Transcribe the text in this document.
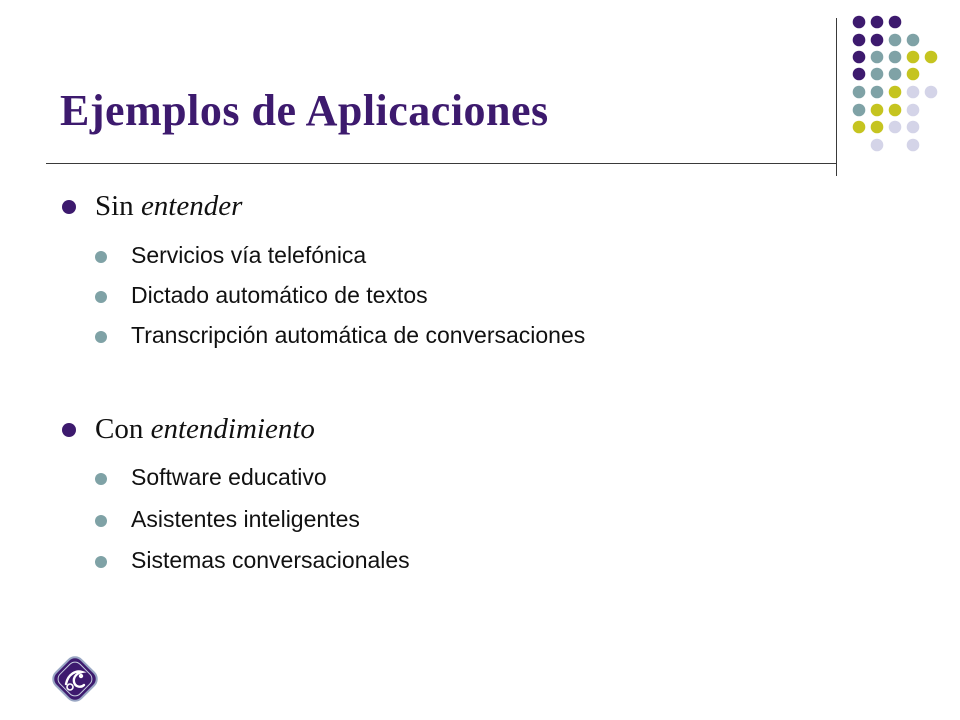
Ejemplos de Aplicaciones
Sin entender
Servicios vía telefónica
Dictado automático de textos
Transcripción automática de conversaciones
Con entendimiento
Software educativo
Asistentes inteligentes
Sistemas conversacionales
